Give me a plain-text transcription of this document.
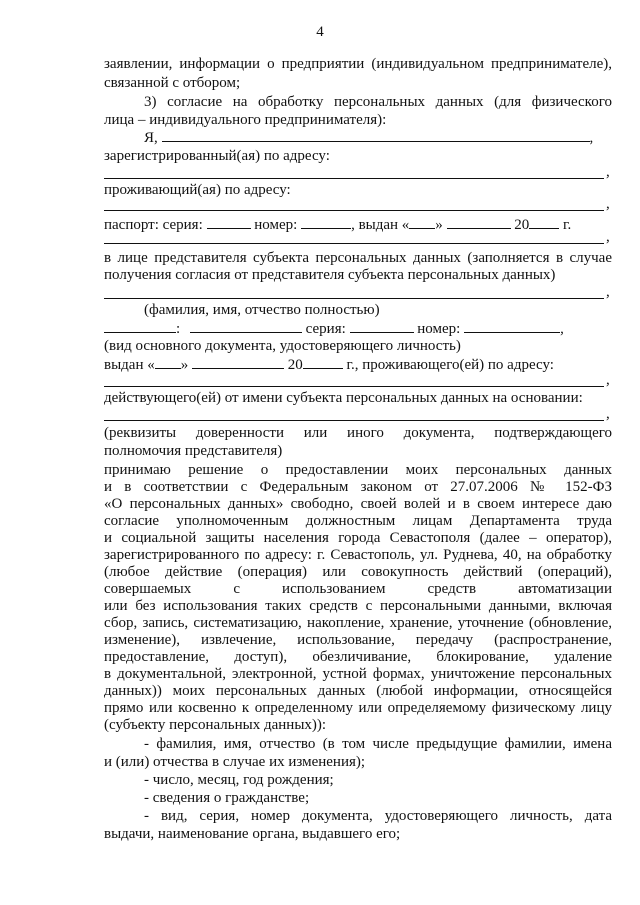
4
заявлении, информации о предприятии (индивидуальном предпринимателе),
связанной с отбором;
3) согласие на обработку персональных данных (для физического
лица – индивидуального предпринимателя):
Я,	,
зарегистрированный(ая) по адресу:
,
проживающий(ая) по адресу:
,
паспорт: серия:	номер:	, выдан « »	20 г.
,
в лице представителя субъекта персональных данных (заполняется в случае
получения согласия от представителя субъекта персональных данных)
,
(фамилия, имя, отчество полностью)
:	серия:	номер:	,
(вид основного документа, удостоверяющего личность)
выдан « »	20	г., проживающего(ей) по адресу:
,
действующего(ей) от имени субъекта персональных данных на основании:
,
(реквизиты доверенности или иного документа, подтверждающего
полномочия представителя)
принимаю решение о предоставлении моих персональных данных
и в соответствии с Федеральным законом от 27.07.2006 № 152-ФЗ
«О персональных данных» свободно, своей волей и в своем интересе даю
согласие уполномоченным должностным лицам Департамента труда
и социальной защиты населения города Севастополя (далее – оператор),
зарегистрированного по адресу: г. Севастополь, ул. Руднева, 40, на обработку
(любое действие (операция) или совокупность действий (операций),
совершаемых с использованием средств автоматизации
или без использования таких средств с персональными данными, включая
сбор, запись, систематизацию, накопление, хранение, уточнение (обновление,
изменение), извлечение, использование, передачу (распространение,
предоставление, доступ), обезличивание, блокирование, удаление
в документальной, электронной, устной формах, уничтожение персональных
данных)) моих персональных данных (любой информации, относящейся
прямо или косвенно к определенному или определяемому физическому лицу
(субъекту персональных данных)):
- фамилия, имя, отчество (в том числе предыдущие фамилии, имена
и (или) отчества в случае их изменения);
- число, месяц, год рождения;
- сведения о гражданстве;
- вид, серия, номер документа, удостоверяющего личность, дата
выдачи, наименование органа, выдавшего его;
